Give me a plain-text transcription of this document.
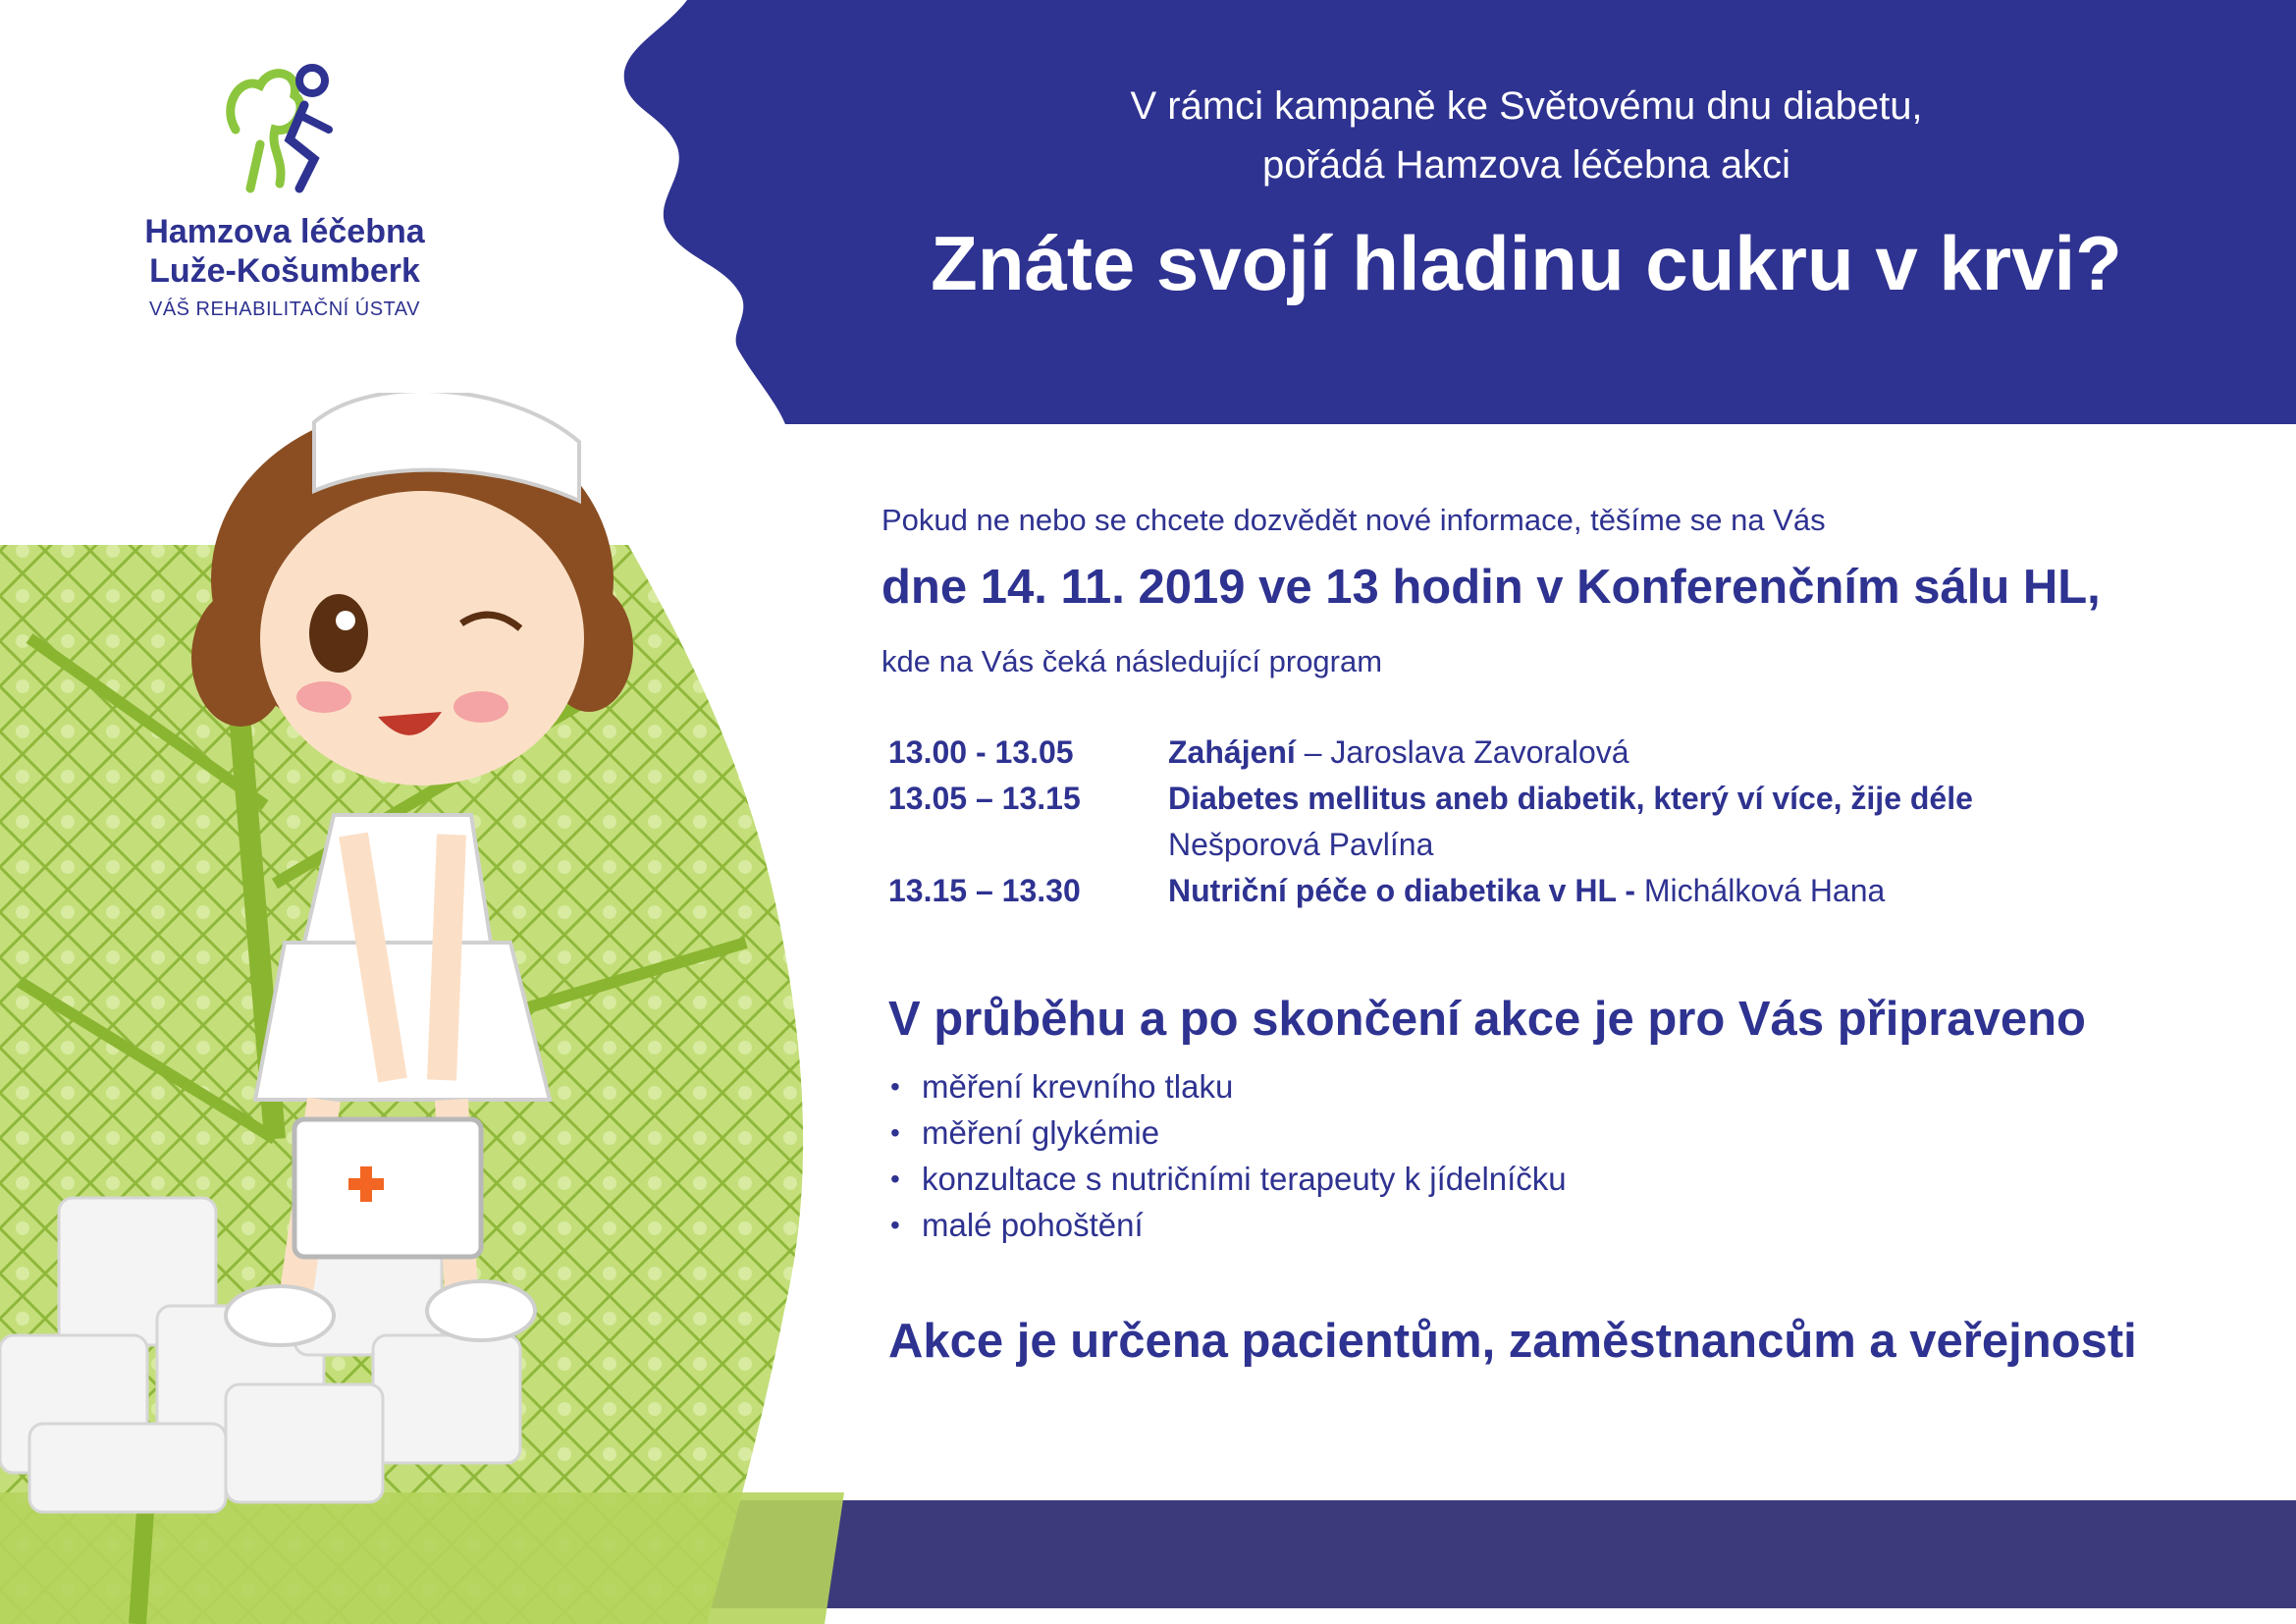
Hamzova léčebna
Luže-Košumberk
VÁŠ REHABILITAČNÍ ÚSTAV
V rámci kampaně ke Světovému dnu diabetu,
pořádá Hamzova léčebna akci
Znáte svojí hladinu cukru v krvi?
Pokud ne nebo se chcete dozvědět nové informace, těšíme se na Vás
dne 14. 11. 2019 ve 13 hodin v Konferenčním sálu HL,
kde na Vás čeká následující program
13.00 - 13.05	Zahájení – Jaroslava Zavoralová
13.05 – 13.15	Diabetes mellitus aneb diabetik, který ví více, žije déle
Nešporová Pavlína
13.15 – 13.30	Nutriční péče o diabetika v HL - Michálková Hana
V průběhu a po skončení akce je pro Vás připraveno
• měření krevního tlaku
• měření glykémie
• konzultace s nutričními terapeuty k jídelníčku
• malé pohoštění
Akce je určena pacientům, zaměstnancům a veřejnosti
